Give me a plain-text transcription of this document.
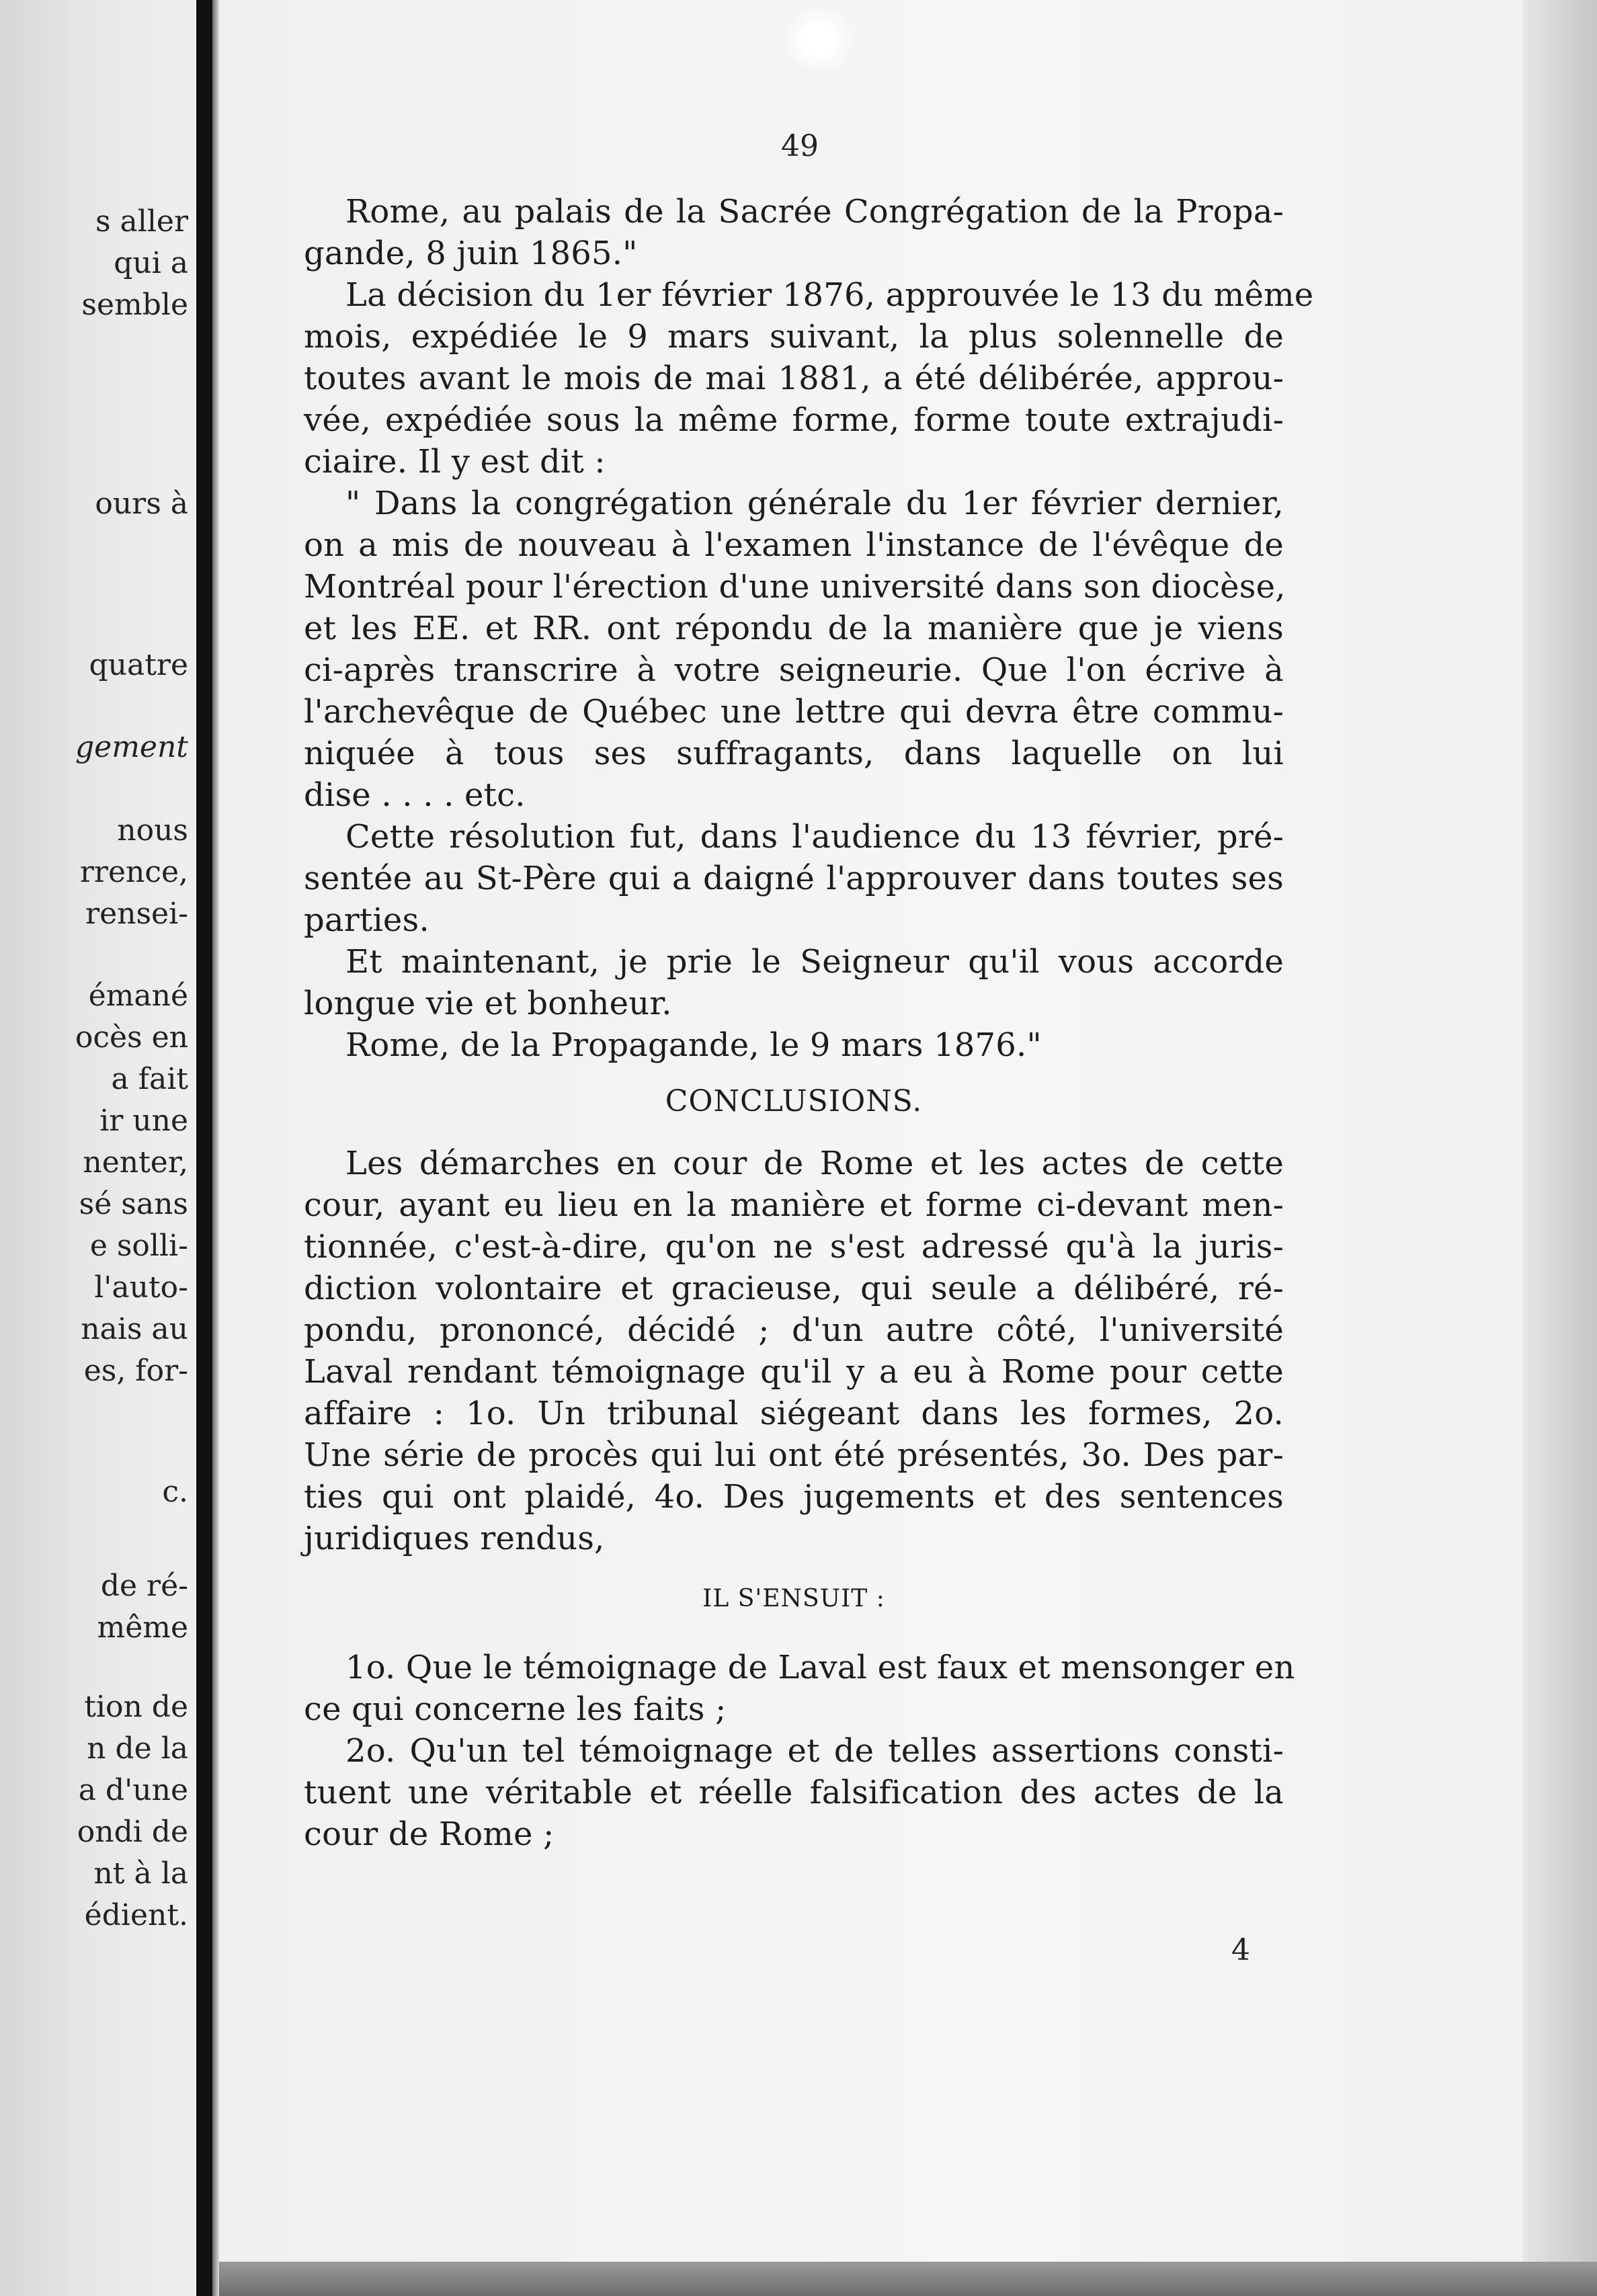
s aller
qui a
semble
ours à
quatre
gement
nous
rrence,
rensei-
émané
ocès en
a fait
ir une
nenter,
sé sans
e solli-
l'auto-
nais au
es, for-
c.
de ré-
même
tion de
n de la
a d'une
ondi de
nt à la
édient.
49
Rome, au palais de la Sacrée Congrégation de la Propa-
gande, 8 juin 1865."
La décision du 1er février 1876, approuvée le 13 du même
mois, expédiée le 9 mars suivant, la plus solennelle de
toutes avant le mois de mai 1881, a été délibérée, approu-
vée, expédiée sous la même forme, forme toute extrajudi-
ciaire. Il y est dit :
" Dans la congrégation générale du 1er février dernier,
on a mis de nouveau à l'examen l'instance de l'évêque de
Montréal pour l'érection d'une université dans son diocèse,
et les EE. et RR. ont répondu de la manière que je viens
ci-après transcrire à votre seigneurie. Que l'on écrive à
l'archevêque de Québec une lettre qui devra être commu-
niquée à tous ses suffragants, dans laquelle on lui
dise . . . . etc.
Cette résolution fut, dans l'audience du 13 février, pré-
sentée au St-Père qui a daigné l'approuver dans toutes ses
parties.
Et maintenant, je prie le Seigneur qu'il vous accorde
longue vie et bonheur.
Rome, de la Propagande, le 9 mars 1876."
CONCLUSIONS.
Les démarches en cour de Rome et les actes de cette
cour, ayant eu lieu en la manière et forme ci-devant men-
tionnée, c'est-à-dire, qu'on ne s'est adressé qu'à la juris-
diction volontaire et gracieuse, qui seule a délibéré, ré-
pondu, prononcé, décidé ; d'un autre côté, l'université
Laval rendant témoignage qu'il y a eu à Rome pour cette
affaire : 1o. Un tribunal siégeant dans les formes, 2o.
Une série de procès qui lui ont été présentés, 3o. Des par-
ties qui ont plaidé, 4o. Des jugements et des sentences
juridiques rendus,
IL S'ENSUIT :
1o. Que le témoignage de Laval est faux et mensonger en
ce qui concerne les faits ;
2o. Qu'un tel témoignage et de telles assertions consti-
tuent une véritable et réelle falsification des actes de la
cour de Rome ;
4
